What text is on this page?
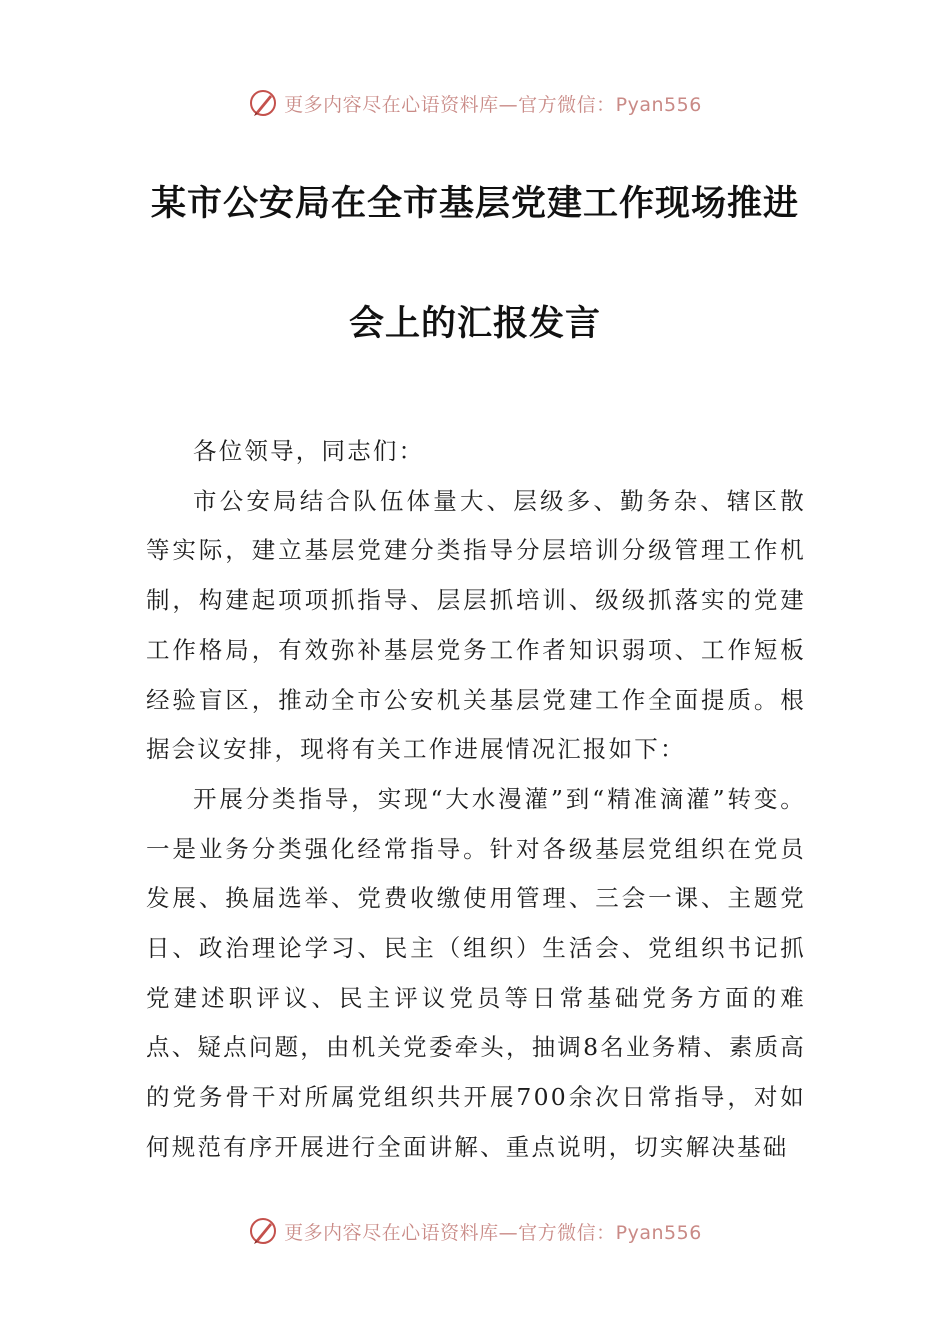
更多内容尽在心语资料库—官方微信：Pyan556
某市公安局在全市基层党建工作现场推进
会上的汇报发言

各位领导，同志们：

市公安局结合队伍体量大、层级多、勤务杂、辖区散等实际，建立基层党建分类指导分层培训分级管理工作机制，构建起项项抓指导、层层抓培训、级级抓落实的党建工作格局，有效弥补基层党务工作者知识弱项、工作短板经验盲区，推动全市公安机关基层党建工作全面提质。根据会议安排，现将有关工作进展情况汇报如下：

开展分类指导，实现“大水漫灌”到“精准滴灌”转变。一是业务分类强化经常指导。针对各级基层党组织在党员发展、换届选举、党费收缴使用管理、三会一课、主题党日、政治理论学习、民主（组织）生活会、党组织书记抓党建述职评议、民主评议党员等日常基础党务方面的难点、疑点问题，由机关党委牵头，抽调8名业务精、素质高的党务骨干对所属党组织共开展700余次日常指导，对如何规范有序开展进行全面讲解、重点说明，切实解决基础

更多内容尽在心语资料库—官方微信：Pyan556
